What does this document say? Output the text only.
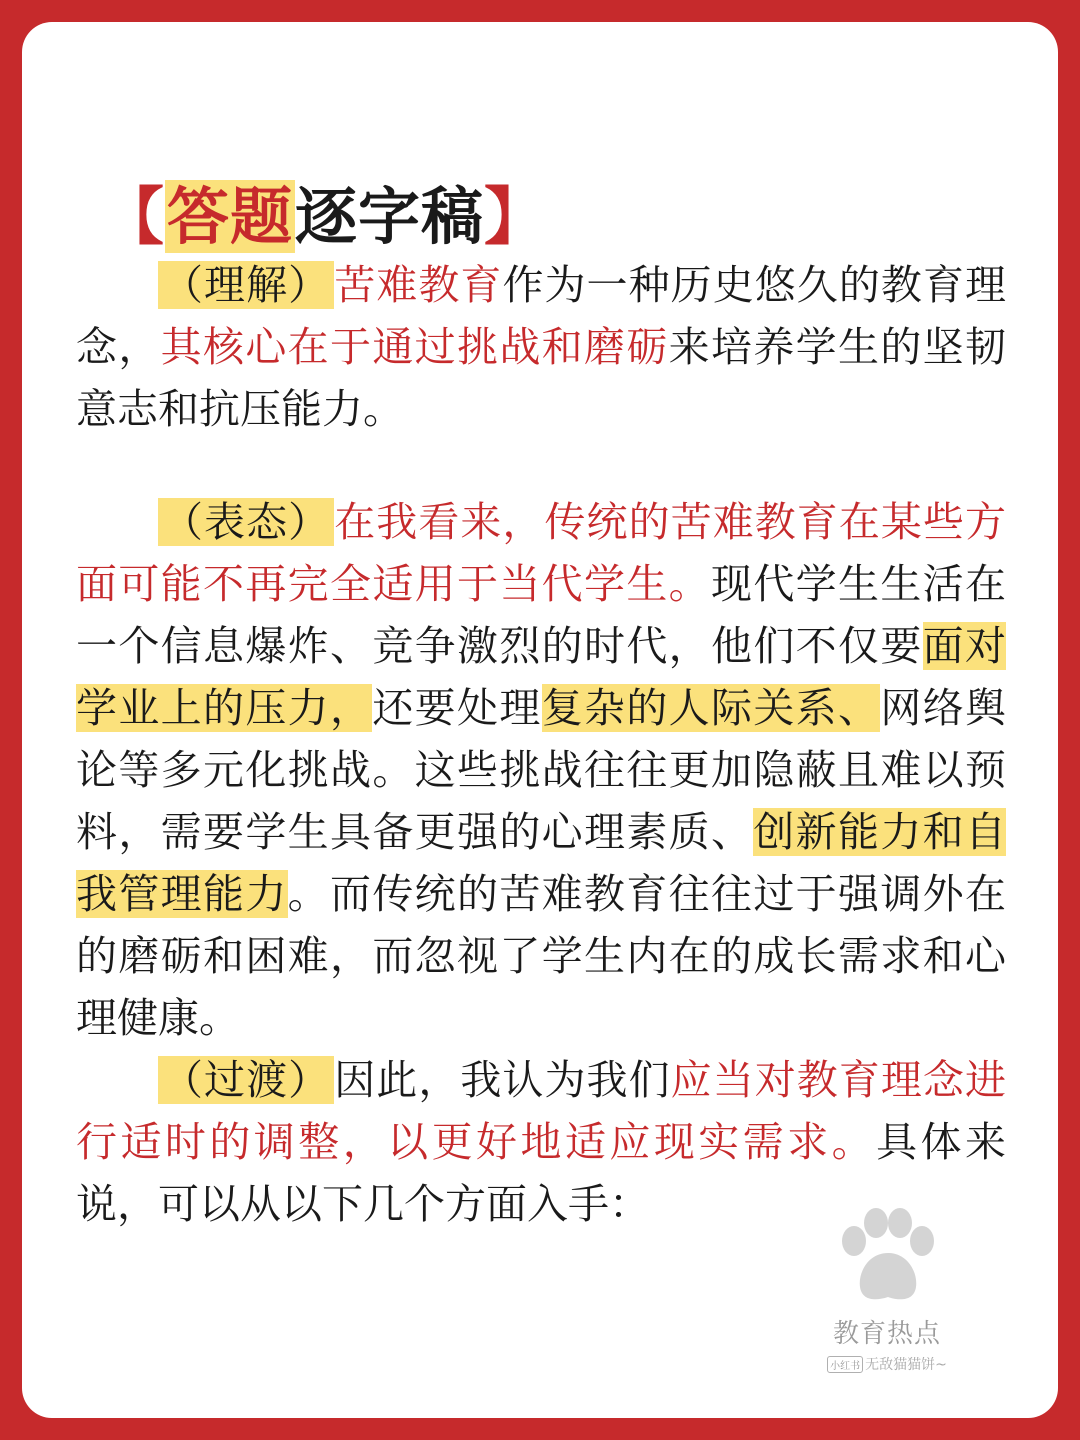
【答题逐字稿】
（理解）苦难教育作为一种历史悠久的教育理念，其核心在于通过挑战和磨砺来培养学生的坚韧意志和抗压能力。
（表态）在我看来，传统的苦难教育在某些方面可能不再完全适用于当代学生。现代学生生活在一个信息爆炸、竞争激烈的时代，他们不仅要面对学业上的压力，还要处理复杂的人际关系、网络舆论等多元化挑战。这些挑战往往更加隐蔽且难以预料，需要学生具备更强的心理素质、创新能力和自我管理能力。而传统的苦难教育往往过于强调外在的磨砺和困难，而忽视了学生内在的成长需求和心理健康。
（过渡）因此，我认为我们应当对教育理念进行适时的调整，以更好地适应现实需求。具体来说，可以从以下几个方面入手：
教育热点
小红书 无敌猫猫饼~
